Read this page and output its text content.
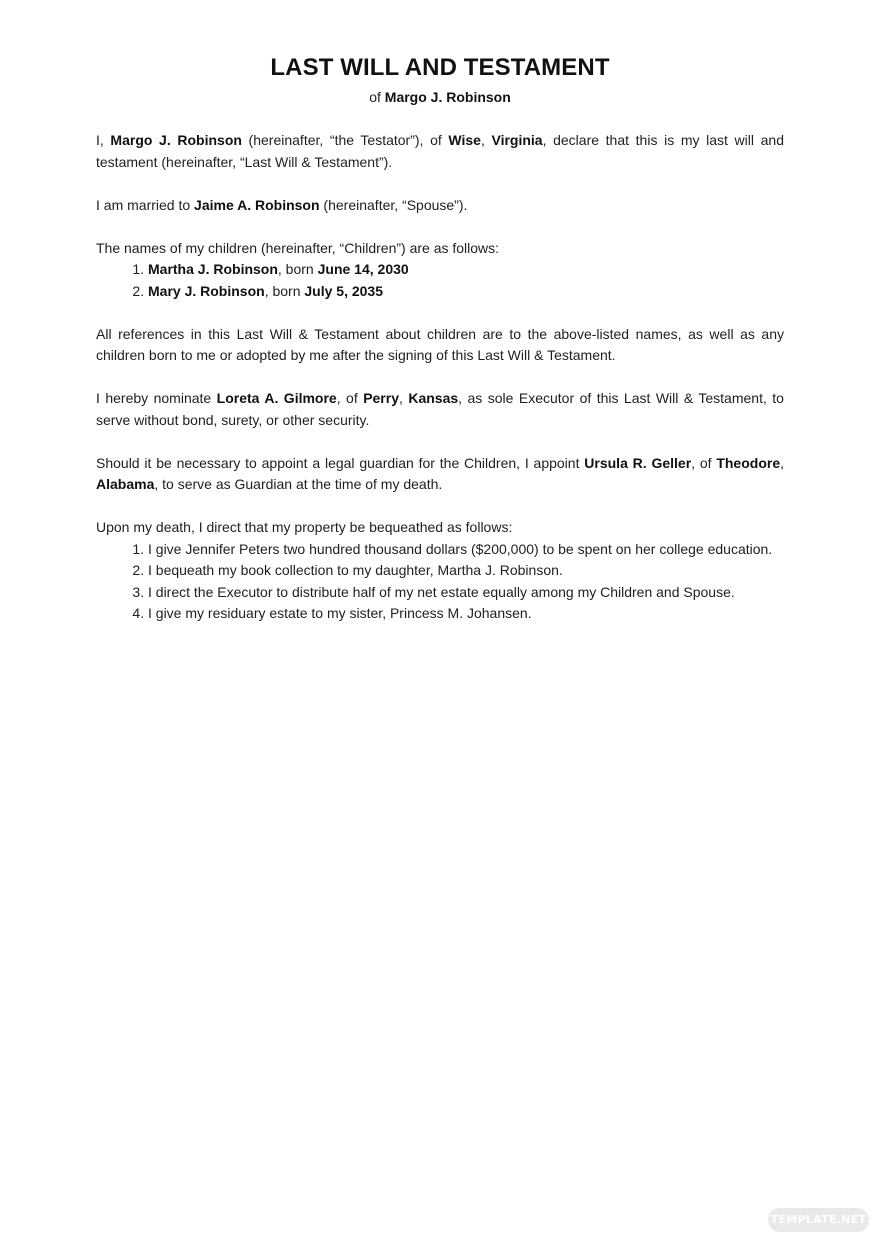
LAST WILL AND TESTAMENT

of Margo J. Robinson

I, Margo J. Robinson (hereinafter, “the Testator”), of Wise, Virginia, declare that this is my last will and testament (hereinafter, “Last Will & Testament”).

I am married to Jaime A. Robinson (hereinafter, “Spouse”).

The names of my children (hereinafter, “Children”) are as follows:

1. Martha J. Robinson, born June 14, 2030
2. Mary J. Robinson, born July 5, 2035

All references in this Last Will & Testament about children are to the above-listed names, as well as any children born to me or adopted by me after the signing of this Last Will & Testament.

I hereby nominate Loreta A. Gilmore, of Perry, Kansas, as sole Executor of this Last Will & Testament, to serve without bond, surety, or other security.

Should it be necessary to appoint a legal guardian for the Children, I appoint Ursula R. Geller, of Theodore, Alabama, to serve as Guardian at the time of my death.

Upon my death, I direct that my property be bequeathed as follows:

1. I give Jennifer Peters two hundred thousand dollars ($200,000) to be spent on her college education.
2. I bequeath my book collection to my daughter, Martha J. Robinson.
3. I direct the Executor to distribute half of my net estate equally among my Children and Spouse.
4. I give my residuary estate to my sister, Princess M. Johansen.
TEMPLATE.NET
